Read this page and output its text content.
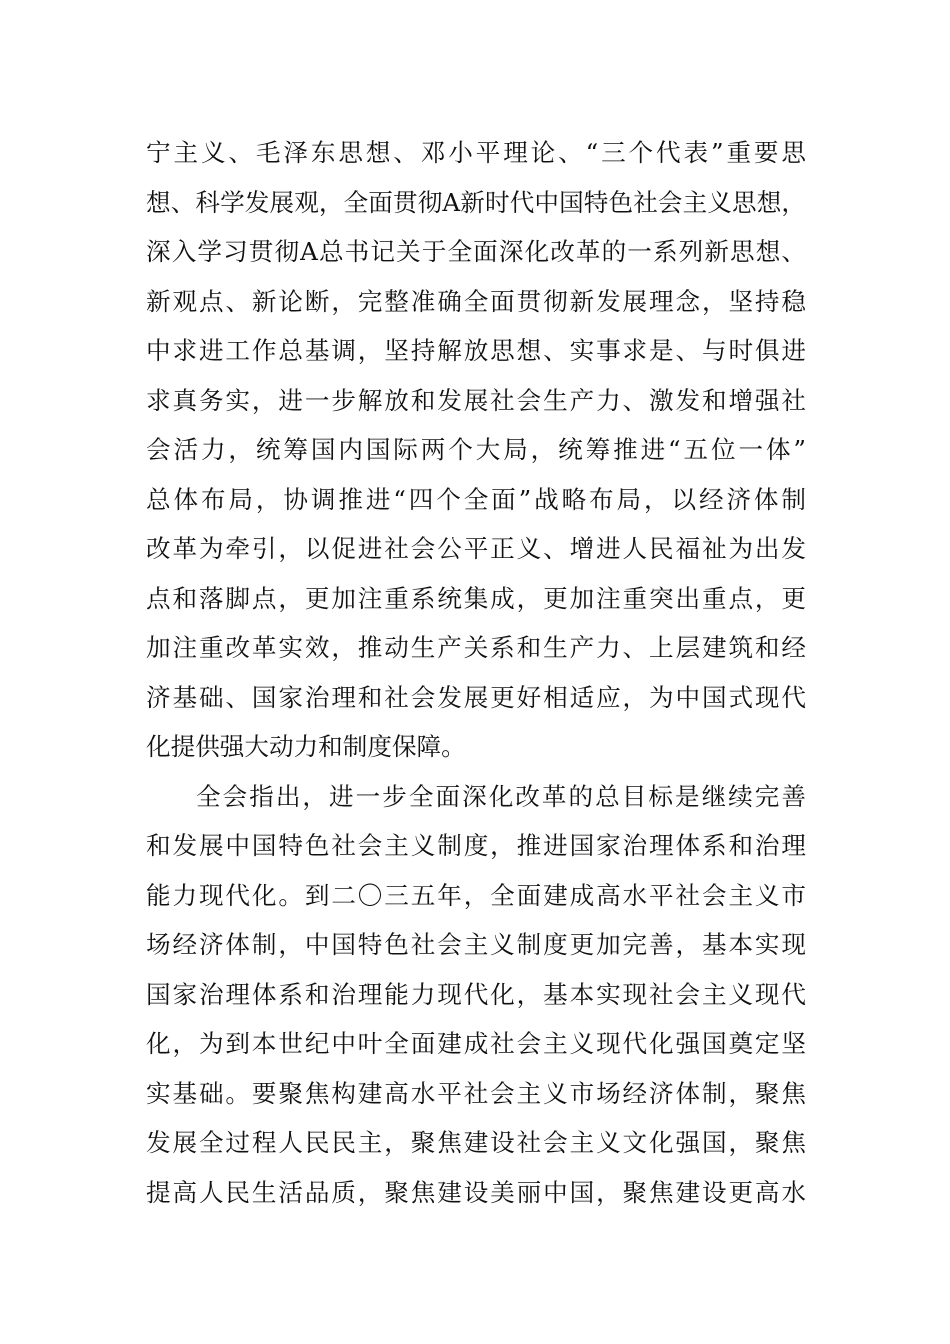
宁主义、毛泽东思想、邓小平理论、“三个代表”重要思
想、科学发展观，全面贯彻A新时代中国特色社会主义思想，
深入学习贯彻A总书记关于全面深化改革的一系列新思想、
新观点、新论断，完整准确全面贯彻新发展理念，坚持稳
中求进工作总基调，坚持解放思想、实事求是、与时俱进
求真务实，进一步解放和发展社会生产力、激发和增强社
会活力，统筹国内国际两个大局，统筹推进“五位一体”
总体布局，协调推进“四个全面”战略布局，以经济体制
改革为牵引，以促进社会公平正义、增进人民福祉为出发
点和落脚点，更加注重系统集成，更加注重突出重点，更
加注重改革实效，推动生产关系和生产力、上层建筑和经
济基础、国家治理和社会发展更好相适应，为中国式现代
化提供强大动力和制度保障。
全会指出，进一步全面深化改革的总目标是继续完善
和发展中国特色社会主义制度，推进国家治理体系和治理
能力现代化。到二〇三五年，全面建成高水平社会主义市
场经济体制，中国特色社会主义制度更加完善，基本实现
国家治理体系和治理能力现代化，基本实现社会主义现代
化，为到本世纪中叶全面建成社会主义现代化强国奠定坚
实基础。要聚焦构建高水平社会主义市场经济体制，聚焦
发展全过程人民民主，聚焦建设社会主义文化强国，聚焦
提高人民生活品质，聚焦建设美丽中国，聚焦建设更高水
